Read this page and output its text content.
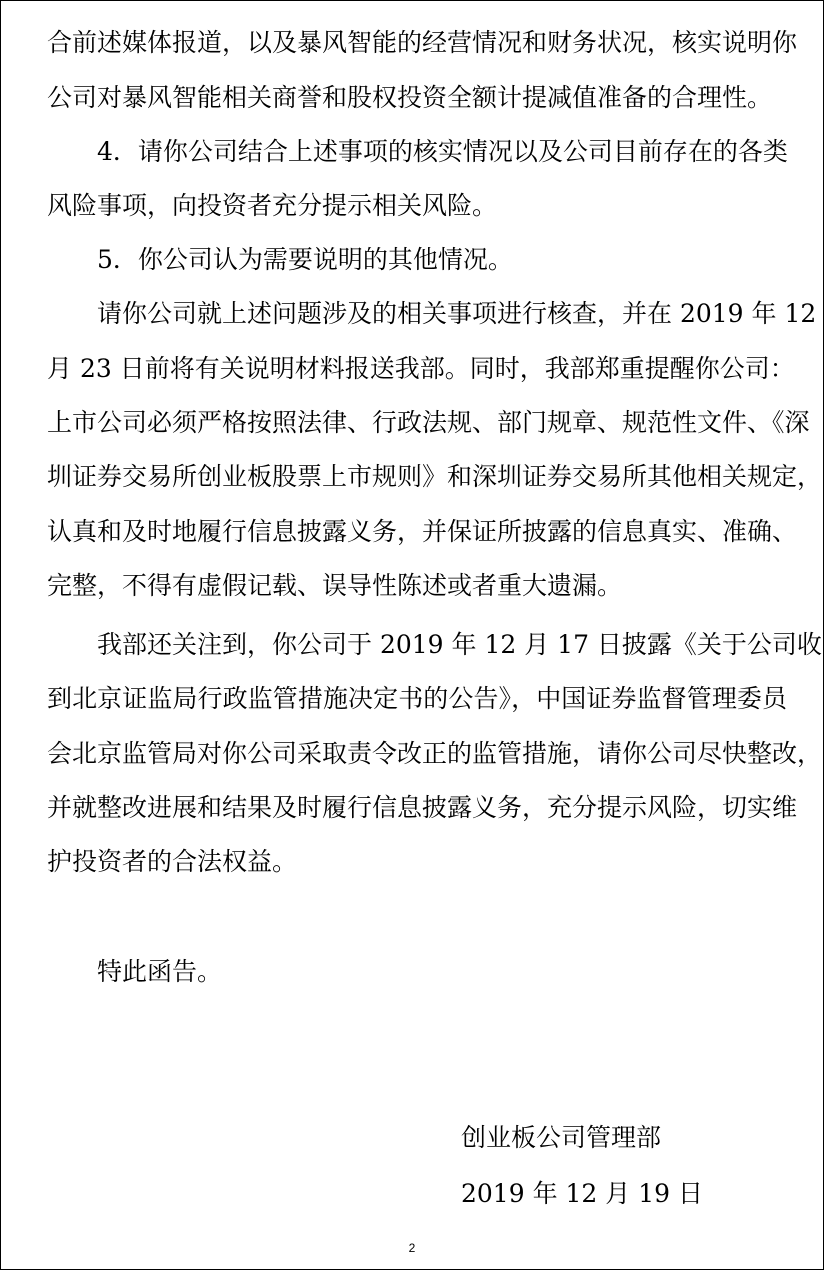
合前述媒体报道，以及暴风智能的经营情况和财务状况，核实说明你
公司对暴风智能相关商誉和股权投资全额计提减值准备的合理性。
4．请你公司结合上述事项的核实情况以及公司目前存在的各类
风险事项，向投资者充分提示相关风险。
5．你公司认为需要说明的其他情况。
请你公司就上述问题涉及的相关事项进行核查，并在 2019 年 12
月 23 日前将有关说明材料报送我部。同时，我部郑重提醒你公司：
上市公司必须严格按照法律、行政法规、部门规章、规范性文件、《深
圳证券交易所创业板股票上市规则》和深圳证券交易所其他相关规定，
认真和及时地履行信息披露义务，并保证所披露的信息真实、准确、
完整，不得有虚假记载、误导性陈述或者重大遗漏。
我部还关注到，你公司于 2019 年 12 月 17 日披露《关于公司收
到北京证监局行政监管措施决定书的公告》，中国证券监督管理委员
会北京监管局对你公司采取责令改正的监管措施，请你公司尽快整改，
并就整改进展和结果及时履行信息披露义务，充分提示风险，切实维
护投资者的合法权益。
特此函告。
创业板公司管理部
2019 年 12 月 19 日
2
